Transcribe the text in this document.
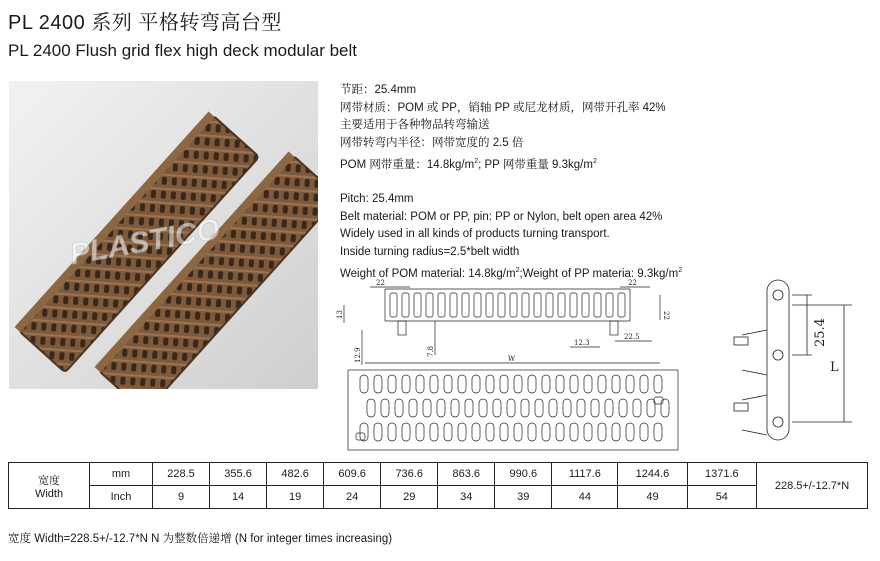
PL 2400 系列 平格转弯高台型
PL 2400 Flush grid flex high deck modular belt
PLASTICO
节距：25.4mm
网带材质：POM 或 PP，销轴 PP 或尼龙材质，网带开孔率 42%
主要适用于各种物品转弯输送
网带转弯内半径：网带宽度的 2.5 倍
POM 网带重量：$14.8kg/m^2$; PP 网带重量 $9.3kg/m^2$
Pitch: 25.4mm
Belt material: POM or PP, pin: PP or Nylon, belt open area 42%
Widely used in all kinds of products turning transport.
Inside turning radius=2.5*belt width
Weight of POM material: $14.8kg/m^2;Weight$ of PP materia: $9.3kg/m^2$
22	22
22
13
7.8
12.9
12.3
22.5
W
25.4
L
宽度
Width	mm	228.5	355.6	482.6	609.6	736.6	863.6	990.6	1117.6	1244.6	1371.6	228.5+/-12.7*N
	Inch	9	14	19	24	29	34	39	44	49	54	
宽度 Width=228.5+/-12.7*N N 为整数倍递增 (N for integer times increasing)
